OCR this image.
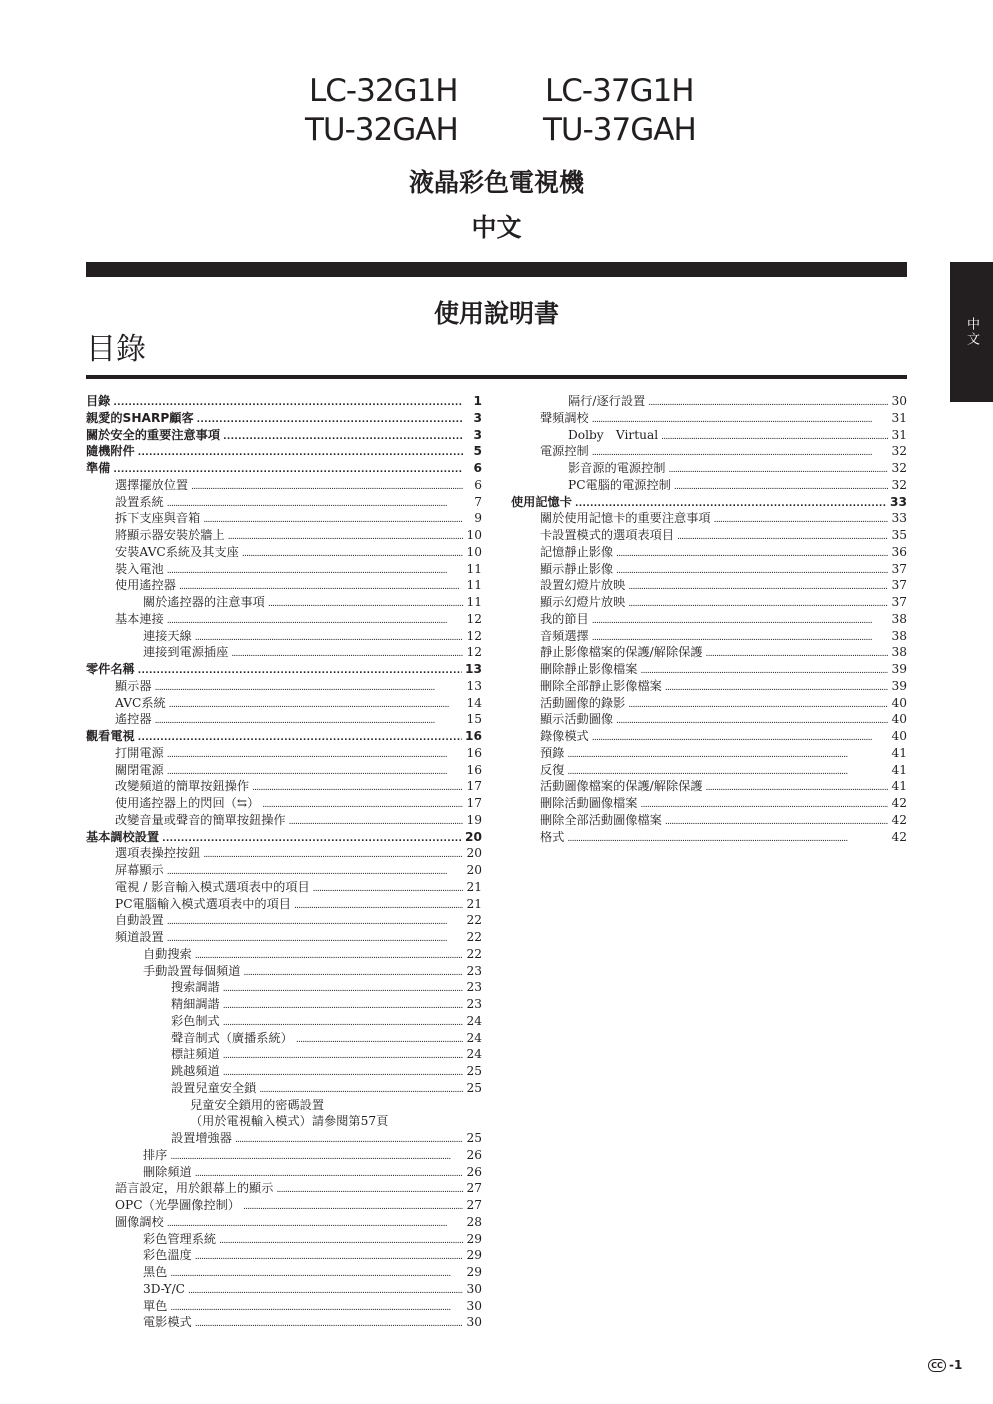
LC-32G1H	LC-37G1H
TU-32GAH	TU-37GAH
液晶彩色電視機
中文
中文
使用說明書
目錄
目錄 . . .	1
親愛的SHARP顧客 . . .	3
關於安全的重要注意事項 . . .	3
隨機附件 . . .	5
準備 . . .	6
選擇擺放位置 . . .	6
設置系統 . . .	7
拆下支座與音箱 . . .	9
將顯示器安裝於牆上 . . .	10
安裝AVC系統及其支座 . . .	10
裝入電池 . . .	11
使用遙控器 . . .	11
關於遙控器的注意事項 . . .	11
基本連接 . . .	12
連接天線 . . .	12
連接到電源插座 . . .	12
零件名稱 . . .	13
顯示器 . . .	13
AVC系統 . . .	14
遙控器 . . .	15
觀看電視 . . .	16
打開電源 . . .	16
關閉電源 . . .	16
改變頻道的簡單按鈕操作 . . .	17
使用遙控器上的閃回（⇆） . . .	17
改變音量或聲音的簡單按鈕操作 . . .	19
基本調校設置 . . .	20
選項表操控按鈕 . . .	20
屏幕顯示 . . .	20
電視 / 影音輸入模式選項表中的項目 . . .	21
PC電腦輸入模式選項表中的項目 . . .	21
自動設置 . . .	22
頻道設置 . . .	22
自動搜索 . . .	22
手動設置每個頻道 . . .	23
搜索調諧 . . .	23
精細調諧 . . .	23
彩色制式 . . .	24
聲音制式（廣播系統） . . .	24
標註頻道 . . .	24
跳越頻道 . . .	25
設置兒童安全鎖 . . .	25
兒童安全鎖用的密碼設置
（用於電視輸入模式）請參閱第57頁
設置增強器 . . .	25
排序 . . .	26
刪除頻道 . . .	26
語言設定，用於銀幕上的顯示 . . .	27
OPC（光學圖像控制） . . .	27
圖像調校 . . .	28
彩色管理系統 . . .	29
彩色溫度 . . .	29
黑色 . . .	29
3D-Y/C . . .	30
單色 . . .	30
電影模式 . . .	30
隔行/逐行設置 . . .	30
聲頻調校 . . .	31
Dolby　Virtual . . .	31
電源控制 . . .	32
影音源的電源控制 . . .	32
PC電腦的電源控制 . . .	32
使用記憶卡 . . .	33
關於使用記憶卡的重要注意事項 . . .	33
卡設置模式的選項表項目 . . .	35
記憶靜止影像 . . .	36
顯示靜止影像 . . .	37
設置幻燈片放映 . . .	37
顯示幻燈片放映 . . .	37
我的節目 . . .	38
音頻選擇 . . .	38
靜止影像檔案的保護/解除保護 . . .	38
刪除靜止影像檔案 . . .	39
刪除全部靜止影像檔案 . . .	39
活動圖像的錄影 . . .	40
顯示活動圖像 . . .	40
錄像模式 . . .	40
預錄 . . .	41
反復 . . .	41
活動圖像檔案的保護/解除保護 . . .	41
刪除活動圖像檔案 . . .	42
刪除全部活動圖像檔案 . . .	42
格式 . . .	42
CC -1
